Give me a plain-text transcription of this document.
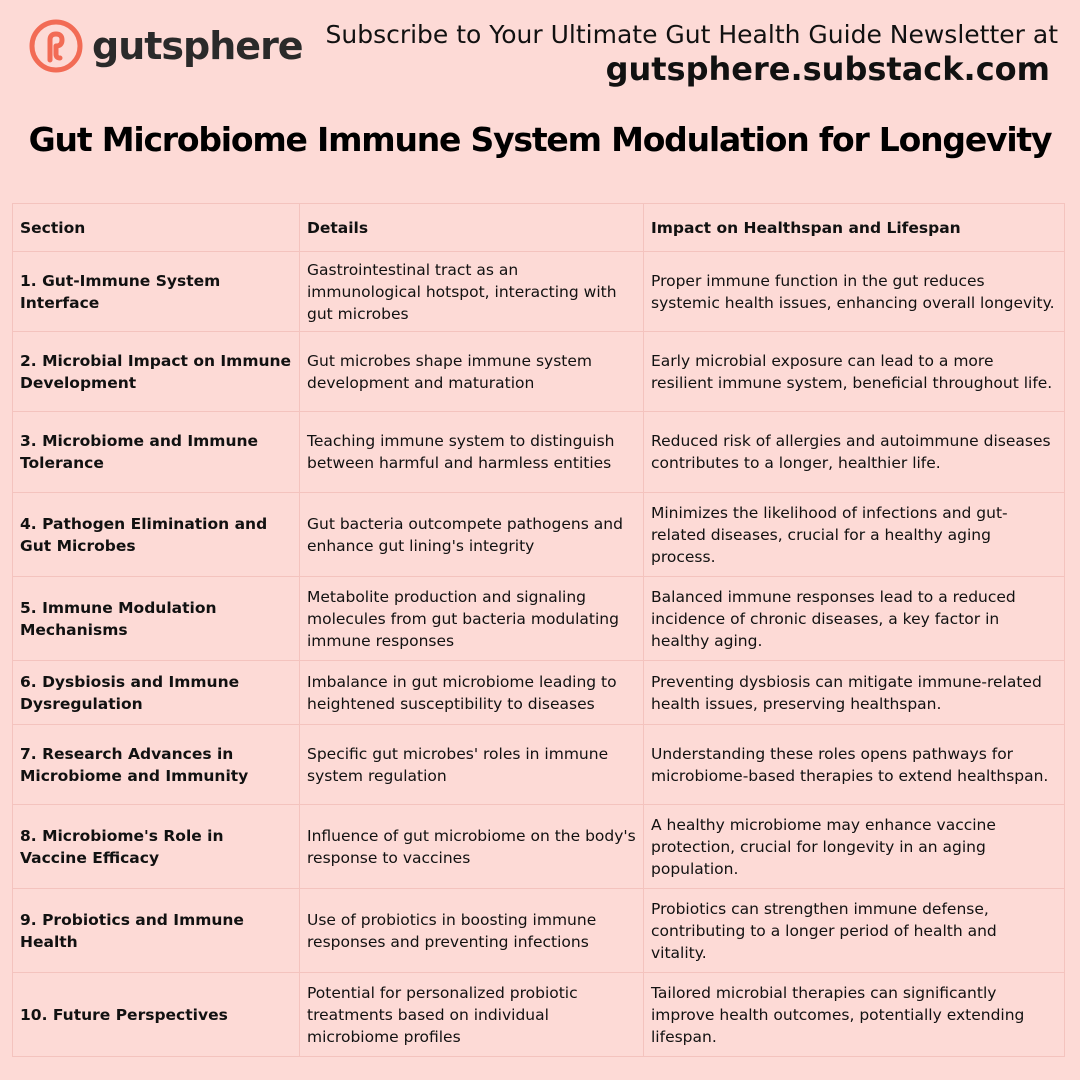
gutsphere Subscribe to Your Ultimate Gut Health Guide Newsletter at
gutsphere.substack.com
Gut Microbiome Immune System Modulation for Longevity
Section	Details	Impact on Healthspan and Lifespan
1. Gut-Immune System Interface	Gastrointestinal tract as an immunological hotspot, interacting with gut microbes	Proper immune function in the gut reduces systemic health issues, enhancing overall longevity.
2. Microbial Impact on Immune Development	Gut microbes shape immune system development and maturation	Early microbial exposure can lead to a more resilient immune system, beneficial throughout life.
3. Microbiome and Immune Tolerance	Teaching immune system to distinguish between harmful and harmless entities	Reduced risk of allergies and autoimmune diseases contributes to a longer, healthier life.
4. Pathogen Elimination and Gut Microbes	Gut bacteria outcompete pathogens and enhance gut lining's integrity	Minimizes the likelihood of infections and gut-related diseases, crucial for a healthy aging process.
5. Immune Modulation Mechanisms	Metabolite production and signaling molecules from gut bacteria modulating immune responses	Balanced immune responses lead to a reduced incidence of chronic diseases, a key factor in healthy aging.
6. Dysbiosis and Immune Dysregulation	Imbalance in gut microbiome leading to heightened susceptibility to diseases	Preventing dysbiosis can mitigate immune-related health issues, preserving healthspan.
7. Research Advances in Microbiome and Immunity	Specific gut microbes' roles in immune system regulation	Understanding these roles opens pathways for microbiome-based therapies to extend healthspan.
8. Microbiome's Role in Vaccine Efficacy	Influence of gut microbiome on the body's response to vaccines	A healthy microbiome may enhance vaccine protection, crucial for longevity in an aging population.
9. Probiotics and Immune Health	Use of probiotics in boosting immune responses and preventing infections	Probiotics can strengthen immune defense, contributing to a longer period of health and vitality.
10. Future Perspectives	Potential for personalized probiotic treatments based on individual microbiome profiles	Tailored microbial therapies can significantly improve health outcomes, potentially extending lifespan.
